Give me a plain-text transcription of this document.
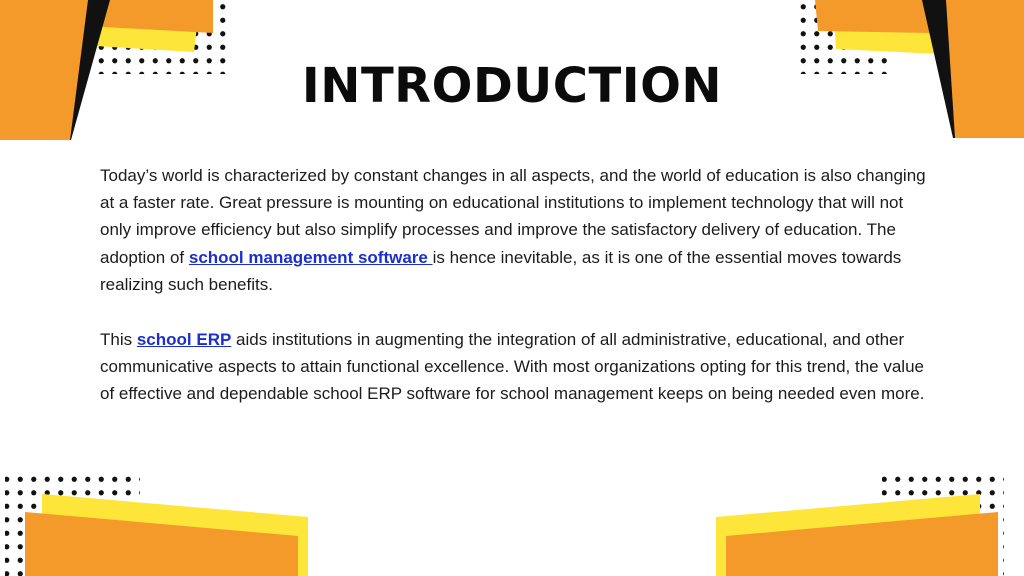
INTRODUCTION

Today’s world is characterized by constant changes in all aspects, and the world of education is also changing at a faster rate. Great pressure is mounting on educational institutions to implement technology that will not only improve efficiency but also simplify processes and improve the satisfactory delivery of education. The adoption of school management software is hence inevitable, as it is one of the essential moves towards realizing such benefits.

This school ERP aids institutions in augmenting the integration of all administrative, educational, and other communicative aspects to attain functional excellence. With most organizations opting for this trend, the value of effective and dependable school ERP software for school management keeps on being needed even more.
